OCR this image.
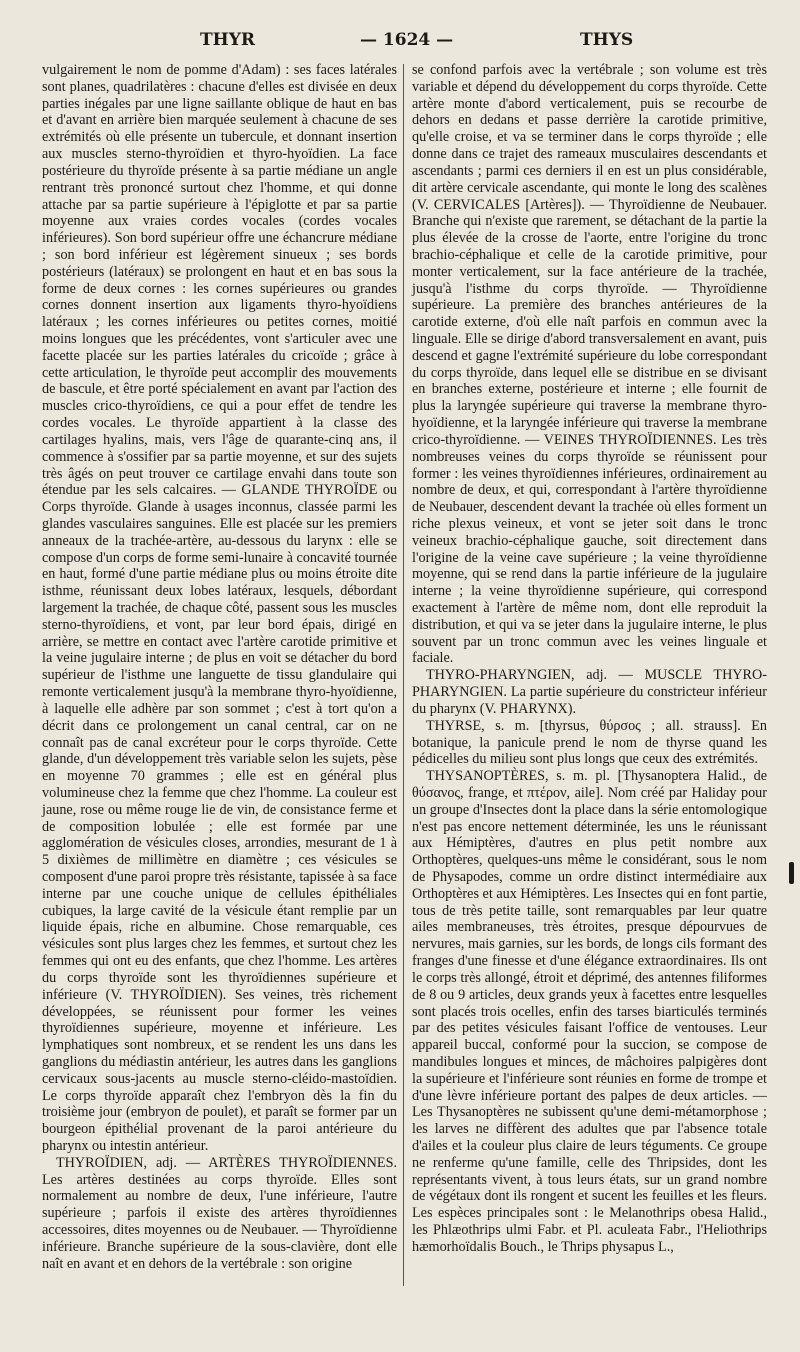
THYR	— 1624 —	THYS

vulgairement le nom de pomme d'Adam) : ses faces latérales sont planes, quadrilatères : chacune d'elles est divisée en deux parties inégales par une ligne saillante oblique de haut en bas et d'avant en arrière bien marquée seulement à chacune de ses extrémités où elle présente un tubercule, et donnant insertion aux muscles sterno-thyroïdien et thyro-hyoïdien. La face postérieure du thyroïde présente à sa partie médiane un angle rentrant très prononcé surtout chez l'homme, et qui donne attache par sa partie supérieure à l'épiglotte et par sa partie moyenne aux vraies cordes vocales (cordes vocales inférieures). Son bord supérieur offre une échancrure médiane ; son bord inférieur est légèrement sinueux ; ses bords postérieurs (latéraux) se prolongent en haut et en bas sous la forme de deux cornes : les cornes supérieures ou grandes cornes donnent insertion aux ligaments thyro-hyoïdiens latéraux ; les cornes inférieures ou petites cornes, moitié moins longues que les précédentes, vont s'articuler avec une facette placée sur les parties latérales du cricoïde ; grâce à cette articulation, le thyroïde peut accomplir des mouvements de bascule, et être porté spécialement en avant par l'action des muscles crico-thyroïdiens, ce qui a pour effet de tendre les cordes vocales. Le thyroïde appartient à la classe des cartilages hyalins, mais, vers l'âge de quarante-cinq ans, il commence à s'ossifier par sa partie moyenne, et sur des sujets très âgés on peut trouver ce cartilage envahi dans toute son étendue par les sels calcaires. — GLANDE THYROÏDE ou Corps thyroïde. Glande à usages inconnus, classée parmi les glandes vasculaires sanguines. Elle est placée sur les premiers anneaux de la trachée-artère, au-dessous du larynx : elle se compose d'un corps de forme semi-lunaire à concavité tournée en haut, formé d'une partie médiane plus ou moins étroite dite isthme, réunissant deux lobes latéraux, lesquels, débordant largement la trachée, de chaque côté, passent sous les muscles sterno-thyroïdiens, et vont, par leur bord épais, dirigé en arrière, se mettre en contact avec l'artère carotide primitive et la veine jugulaire interne ; de plus en voit se détacher du bord supérieur de l'isthme une languette de tissu glandulaire qui remonte verticalement jusqu'à la membrane thyro-hyoïdienne, à laquelle elle adhère par son sommet ; c'est à tort qu'on a décrit dans ce prolongement un canal central, car on ne connaît pas de canal excréteur pour le corps thyroïde. Cette glande, d'un développement très variable selon les sujets, pèse en moyenne 70 grammes ; elle est en général plus volumineuse chez la femme que chez l'homme. La couleur est jaune, rose ou même rouge lie de vin, de consistance ferme et de composition lobulée ; elle est formée par une agglomération de vésicules closes, arrondies, mesurant de 1 à 5 dixièmes de millimètre en diamètre ; ces vésicules se composent d'une paroi propre très résistante, tapissée à sa face interne par une couche unique de cellules épithéliales cubiques, la large cavité de la vésicule étant remplie par un liquide épais, riche en albumine. Chose remarquable, ces vésicules sont plus larges chez les femmes, et surtout chez les femmes qui ont eu des enfants, que chez l'homme. Les artères du corps thyroïde sont les thyroïdiennes supérieure et inférieure (V. THYROÏDIEN). Ses veines, très richement développées, se réunissent pour former les veines thyroïdiennes supérieure, moyenne et inférieure. Les lymphatiques sont nombreux, et se rendent les uns dans les ganglions du médiastin antérieur, les autres dans les ganglions cervicaux sous-jacents au muscle sterno-cléido-mastoïdien. Le corps thyroïde apparaît chez l'embryon dès la fin du troisième jour (embryon de poulet), et paraît se former par un bourgeon épithélial provenant de la paroi antérieure du pharynx ou intestin antérieur.

THYROÏDIEN, adj. — ARTÈRES THYROÏDIENNES. Les artères destinées au corps thyroïde. Elles sont normalement au nombre de deux, l'une inférieure, l'autre supérieure ; parfois il existe des artères thyroïdiennes accessoires, dites moyennes ou de Neubauer. — Thyroïdienne inférieure. Branche supérieure de la sous-clavière, dont elle naît en avant et en dehors de la vertébrale : son origine

se confond parfois avec la vertébrale ; son volume est très variable et dépend du développement du corps thyroïde. Cette artère monte d'abord verticalement, puis se recourbe de dehors en dedans et passe derrière la carotide primitive, qu'elle croise, et va se terminer dans le corps thyroïde ; elle donne dans ce trajet des rameaux musculaires descendants et ascendants ; parmi ces derniers il en est un plus considérable, dit artère cervicale ascendante, qui monte le long des scalènes (V. CERVICALES [Artères]). — Thyroïdienne de Neubauer. Branche qui n'existe que rarement, se détachant de la partie la plus élevée de la crosse de l'aorte, entre l'origine du tronc brachio-céphalique et celle de la carotide primitive, pour monter verticalement, sur la face antérieure de la trachée, jusqu'à l'isthme du corps thyroïde. — Thyroïdienne supérieure. La première des branches antérieures de la carotide externe, d'où elle naît parfois en commun avec la linguale. Elle se dirige d'abord transversalement en avant, puis descend et gagne l'extrémité supérieure du lobe correspondant du corps thyroïde, dans lequel elle se distribue en se divisant en branches externe, postérieure et interne ; elle fournit de plus la laryngée supérieure qui traverse la membrane thyro-hyoïdienne, et la laryngée inférieure qui traverse la membrane crico-thyroïdienne. — VEINES THYROÏDIENNES. Les très nombreuses veines du corps thyroïde se réunissent pour former : les veines thyroïdiennes inférieures, ordinairement au nombre de deux, et qui, correspondant à l'artère thyroïdienne de Neubauer, descendent devant la trachée où elles forment un riche plexus veineux, et vont se jeter soit dans le tronc veineux brachio-céphalique gauche, soit directement dans l'origine de la veine cave supérieure ; la veine thyroïdienne moyenne, qui se rend dans la partie inférieure de la jugulaire interne ; la veine thyroïdienne supérieure, qui correspond exactement à l'artère de même nom, dont elle reproduit la distribution, et qui va se jeter dans la jugulaire interne, le plus souvent par un tronc commun avec les veines linguale et faciale.

THYRO-PHARYNGIEN, adj. — MUSCLE THYRO-PHARYNGIEN. La partie supérieure du constricteur inférieur du pharynx (V. PHARYNX).

THYRSE, s. m. [thyrsus, θύρσος ; all. strauss]. En botanique, la panicule prend le nom de thyrse quand les pédicelles du milieu sont plus longs que ceux des extrémités.

THYSANOPTÈRES, s. m. pl. [Thysanoptera Halid., de θύσανος, frange, et πτέρον, aile]. Nom créé par Haliday pour un groupe d'Insectes dont la place dans la série entomologique n'est pas encore nettement déterminée, les uns le réunissant aux Hémiptères, d'autres en plus petit nombre aux Orthoptères, quelques-uns même le considérant, sous le nom de Physapodes, comme un ordre distinct intermédiaire aux Orthoptères et aux Hémiptères. Les Insectes qui en font partie, tous de très petite taille, sont remarquables par leur quatre ailes membraneuses, très étroites, presque dépourvues de nervures, mais garnies, sur les bords, de longs cils formant des franges d'une finesse et d'une élégance extraordinaires. Ils ont le corps très allongé, étroit et déprimé, des antennes filiformes de 8 ou 9 articles, deux grands yeux à facettes entre lesquelles sont placés trois ocelles, enfin des tarses biarticulés terminés par des petites vésicules faisant l'office de ventouses. Leur appareil buccal, conformé pour la succion, se compose de mandibules longues et minces, de mâchoires palpigères dont la supérieure et l'inférieure sont réunies en forme de trompe et d'une lèvre inférieure portant des palpes de deux articles. — Les Thysanoptères ne subissent qu'une demi-métamorphose ; les larves ne diffèrent des adultes que par l'absence totale d'ailes et la couleur plus claire de leurs téguments. Ce groupe ne renferme qu'une famille, celle des Thripsides, dont les représentants vivent, à tous leurs états, sur un grand nombre de végétaux dont ils rongent et sucent les feuilles et les fleurs. Les espèces principales sont : le Melanothrips obesa Halid., les Phlæothrips ulmi Fabr. et Pl. aculeata Fabr., l'Heliothrips hæmorhoïdalis Bouch., le Thrips physapus L.,
